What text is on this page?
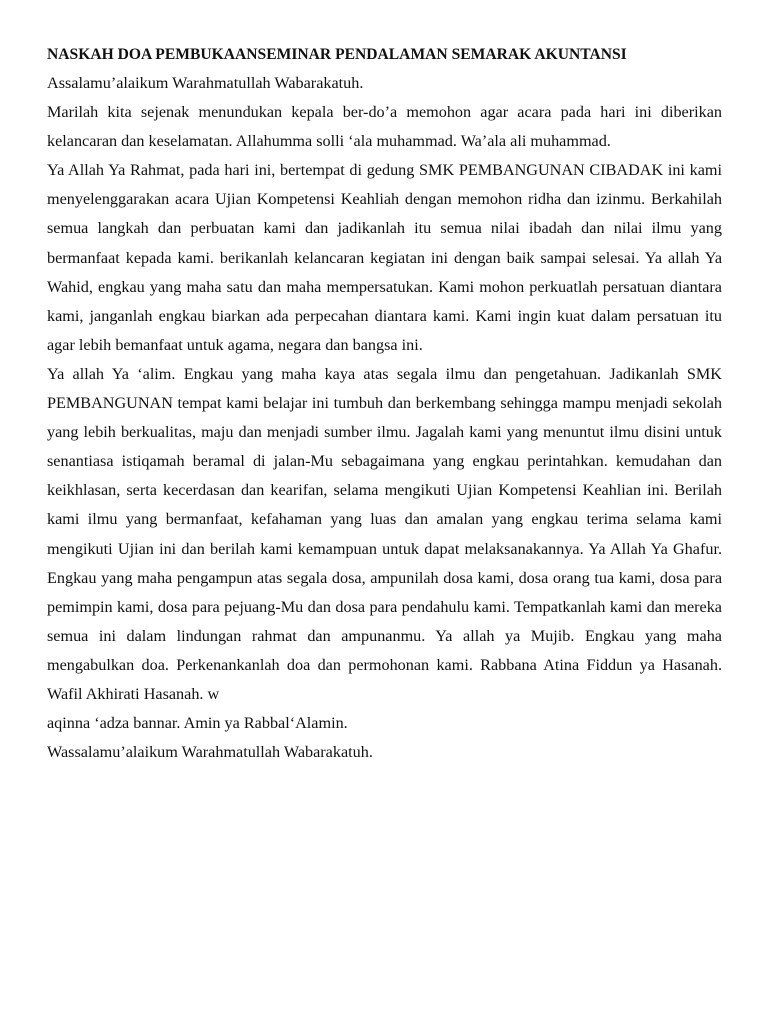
NASKAH DOA PEMBUKAANSEMINAR PENDALAMAN SEMARAK AKUNTANSI

Assalamu’alaikum Warahmatullah Wabarakatuh.

Marilah kita sejenak menundukan kepala ber-do’a memohon agar acara pada hari ini diberikan kelancaran dan keselamatan. Allahumma solli ‘ala muhammad. Wa’ala ali muhammad.

Ya Allah Ya Rahmat, pada hari ini, bertempat di gedung SMK PEMBANGUNAN CIBADAK ini kami menyelenggarakan acara Ujian Kompetensi Keahliah dengan memohon ridha dan izinmu. Berkahilah semua langkah dan perbuatan kami dan jadikanlah itu semua nilai ibadah dan nilai ilmu yang bermanfaat kepada kami. berikanlah kelancaran kegiatan ini dengan baik sampai selesai. Ya allah Ya Wahid, engkau yang maha satu dan maha mempersatukan. Kami mohon perkuatlah persatuan diantara kami, janganlah engkau biarkan ada perpecahan diantara kami. Kami ingin kuat dalam persatuan itu agar lebih bemanfaat untuk agama, negara dan bangsa ini.

Ya allah Ya ‘alim. Engkau yang maha kaya atas segala ilmu dan pengetahuan. Jadikanlah SMK PEMBANGUNAN tempat kami belajar ini tumbuh dan berkembang sehingga mampu menjadi sekolah yang lebih berkualitas, maju dan menjadi sumber ilmu. Jagalah kami yang menuntut ilmu disini untuk senantiasa istiqamah beramal di jalan-Mu sebagaimana yang engkau perintahkan. kemudahan dan keikhlasan, serta kecerdasan dan kearifan, selama mengikuti Ujian Kompetensi Keahlian ini. Berilah kami ilmu yang bermanfaat, kefahaman yang luas dan amalan yang engkau terima selama kami mengikuti Ujian ini dan berilah kami kemampuan untuk dapat melaksanakannya. Ya Allah Ya Ghafur. Engkau yang maha pengampun atas segala dosa, ampunilah dosa kami, dosa orang tua kami, dosa para pemimpin kami, dosa para pejuang-Mu dan dosa para pendahulu kami. Tempatkanlah kami dan mereka semua ini dalam lindungan rahmat dan ampunanmu. Ya allah ya Mujib. Engkau yang maha mengabulkan doa. Perkenankanlah doa dan permohonan kami. Rabbana Atina Fiddun ya Hasanah. Wafil Akhirati Hasanah. w

aqinna ‘adza bannar. Amin ya Rabbal‘Alamin.

Wassalamu’alaikum Warahmatullah Wabarakatuh.
